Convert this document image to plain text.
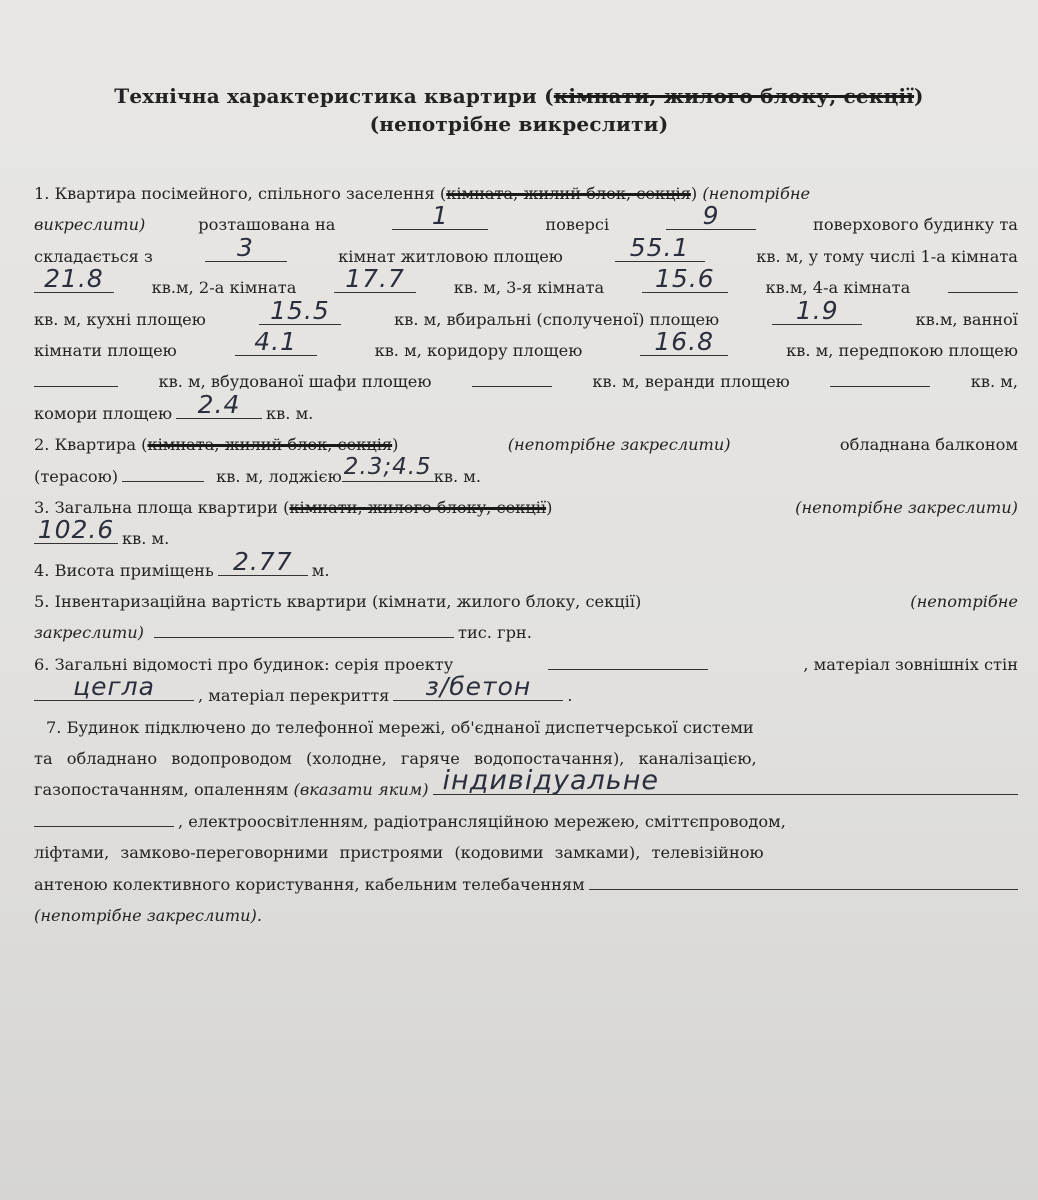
Технічна характеристика квартири (кімнати, жилого блоку, секції)
(непотрібне викреслити)
1. Квартира посімейного, спільного заселення ( кімната, жилий блок, секція )
(непотрібне
викреслити)	розташована на	1	поверсі	9	поверхового будинку та
складається з	3	кімнат житловою площею	55.1	кв. м, у тому числі 1-а кімната
21.8	кв.м, 2-а кімната	17.7	кв. м, 3-я кімната	15.6	кв.м, 4-а кімната
кв. м, кухні площею	15.5	кв. м, вбиральні (сполученої) площею	1.9	кв.м, ванної
кімнати площею	4.1	кв. м, коридору площею	16.8	кв. м, передпокою площею
кв. м, вбудованої шафи площею	кв. м, веранди площею	кв. м,
комори площею	2.4	кв. м.
2. Квартира (кімната, жилий блок, секція)	(непотрібне закреслити)	обладнана балконом
(терасою)	кв. м, лоджією 2.3;4.5 кв. м.
3. Загальна площа квартири (кімнати, жилого блоку, секції)	(непотрібне закреслити)
102.6 кв. м.
4. Висота приміщень 2.77	м.
5. Інвентаризаційна вартість квартири (кімнати, жилого блоку, секції)	(непотрібне
закреслити)	тис. грн.
6. Загальні відомості про будинок: серія проекту	, матеріал зовнішніх стін
цегла	, матеріал перекриття	з/бетон	.
7. Будинок підключено до телефонної мережі, об'єднаної диспетчерської системи
та обладнано водопроводом (холодне, гаряче водопостачання), каналізацією,
газопостачанням, опаленням
(вказати яким) індивідуальне
, електроосвітленням, радіотрансляційною мережею, сміттєпроводом,
ліфтами, замково-переговорними пристроями (кодовими замками), телевізійною
антеною колективного користування, кабельним телебаченням
(непотрібне закреслити).
